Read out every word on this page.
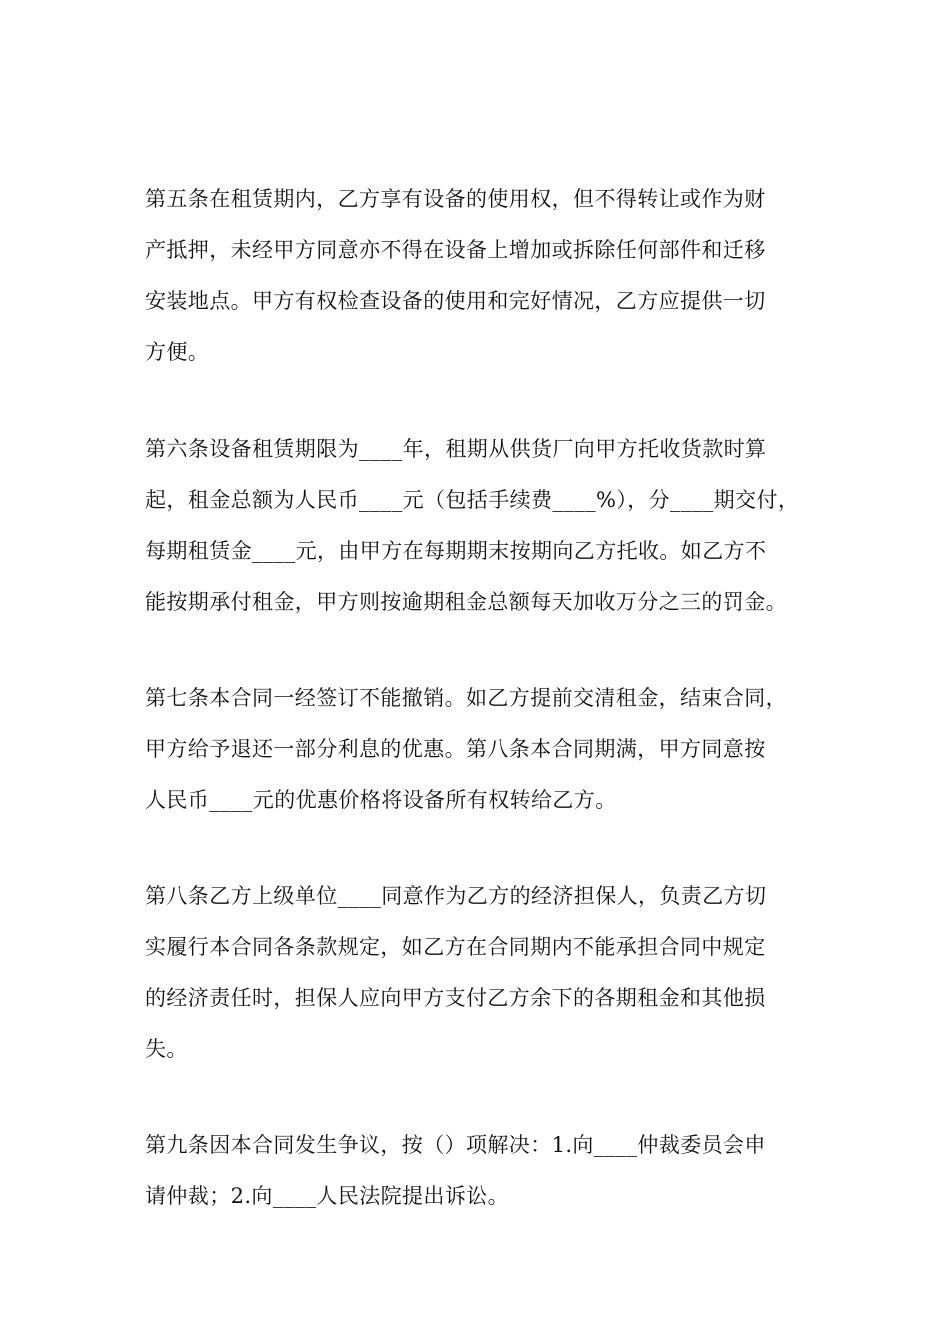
第五条在租赁期内，乙方享有设备的使用权，但不得转让或作为财
产抵押，未经甲方同意亦不得在设备上增加或拆除任何部件和迁移
安装地点。甲方有权检查设备的使用和完好情况，乙方应提供一切
方便。

第六条设备租赁期限为____年，租期从供货厂向甲方托收货款时算
起，租金总额为人民币____元（包括手续费____%），分____期交付，
每期租赁金____元，由甲方在每期期末按期向乙方托收。如乙方不
能按期承付租金，甲方则按逾期租金总额每天加收万分之三的罚金。

第七条本合同一经签订不能撤销。如乙方提前交清租金，结束合同，
甲方给予退还一部分利息的优惠。第八条本合同期满，甲方同意按
人民币____元的优惠价格将设备所有权转给乙方。

第八条乙方上级单位____同意作为乙方的经济担保人，负责乙方切
实履行本合同各条款规定，如乙方在合同期内不能承担合同中规定
的经济责任时，担保人应向甲方支付乙方余下的各期租金和其他损
失。

第九条因本合同发生争议，按（）项解决：1.向____仲裁委员会申
请仲裁；2.向____人民法院提出诉讼。
